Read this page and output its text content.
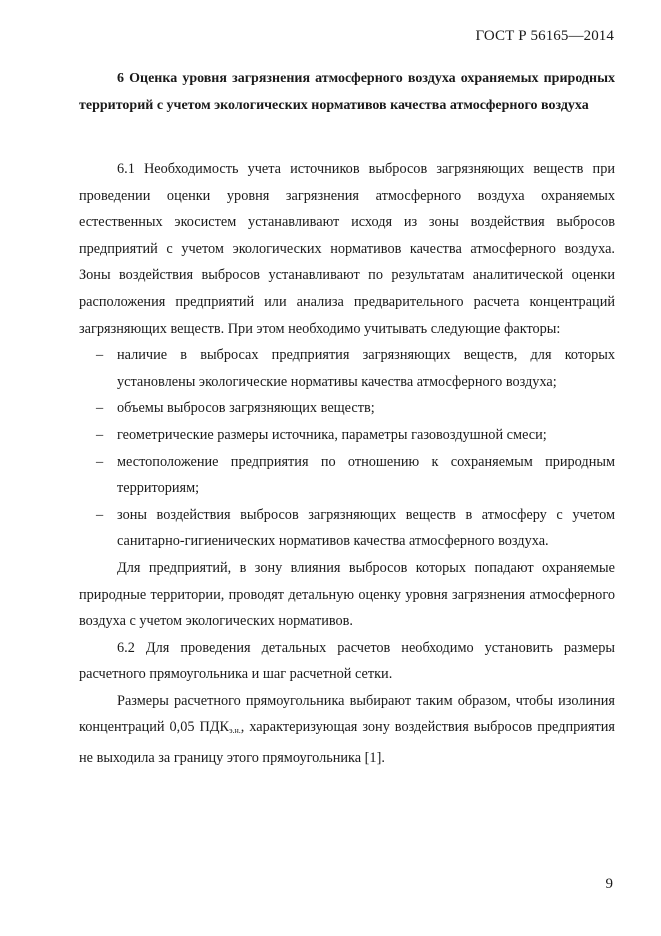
ГОСТ Р 56165—2014

6 Оценка уровня загрязнения атмосферного воздуха охраняемых природных территорий с учетом экологических нормативов качества атмосферного воздуха

6.1 Необходимость учета источников выбросов загрязняющих веществ при проведении оценки уровня загрязнения атмосферного воздуха охраняемых естественных экосистем устанавливают исходя из зоны воздействия выбросов предприятий с учетом экологических нормативов качества атмосферного воздуха. Зоны воздействия выбросов устанавливают по результатам аналитической оценки расположения предприятий или анализа предварительного расчета концентраций загрязняющих веществ. При этом необходимо учитывать следующие факторы:

– наличие в выбросах предприятия загрязняющих веществ, для которых установлены экологические нормативы качества атмосферного воздуха;
– объемы выбросов загрязняющих веществ;
– геометрические размеры источника, параметры газовоздушной смеси;
– местоположение предприятия по отношению к сохраняемым природным территориям;
– зоны воздействия выбросов загрязняющих веществ в атмосферу с учетом санитарно-гигиенических нормативов качества атмосферного воздуха.

Для предприятий, в зону влияния выбросов которых попадают охраняемые природные территории, проводят детальную оценку уровня загрязнения атмосферного воздуха с учетом экологических нормативов.

6.2 Для проведения детальных расчетов необходимо установить размеры расчетного прямоугольника и шаг расчетной сетки.

Размеры расчетного прямоугольника выбирают таким образом, чтобы изолиния концентраций 0,05 $ПДК_{э.н.}$, характеризующая зону воздействия выбросов предприятия не выходила за границу этого прямоугольника [1].

9
